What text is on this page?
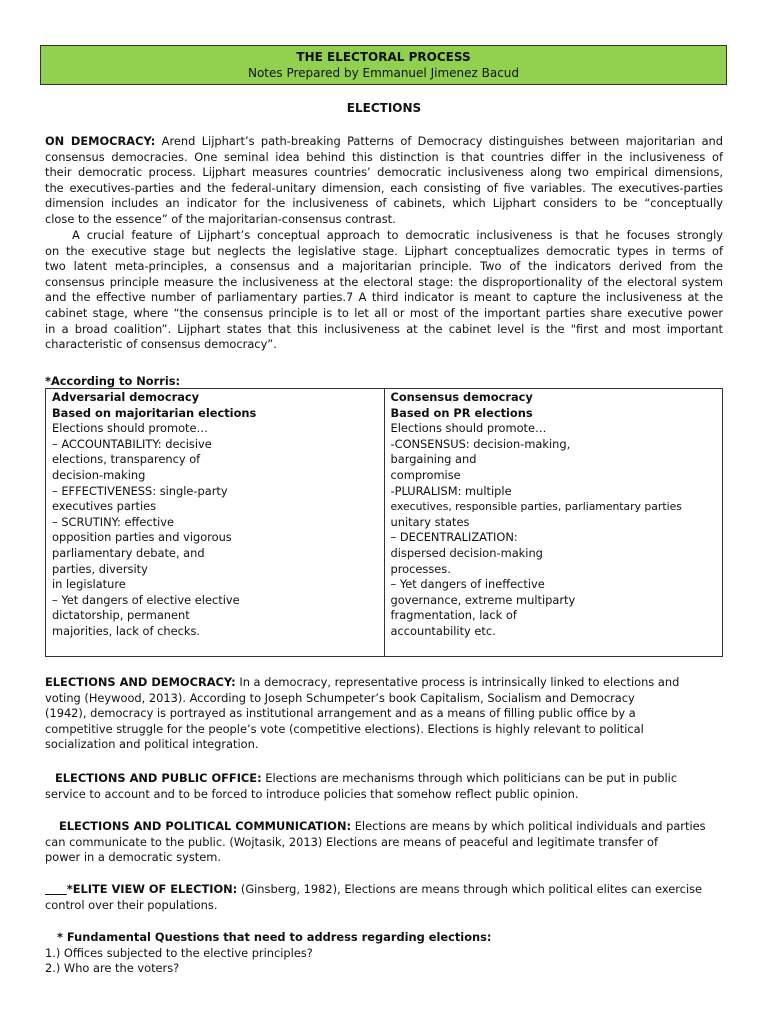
THE ELECTORAL PROCESS
Notes Prepared by Emmanuel Jimenez Bacud
ELECTIONS
ON DEMOCRACY: Arend Lijphart’s path-breaking Patterns of Democracy distinguishes between majoritarian and
consensus democracies. One seminal idea behind this distinction is that countries differ in the inclusiveness of
their democratic process. Lijphart measures countries’ democratic inclusiveness along two empirical dimensions,
the executives-parties and the federal-unitary dimension, each consisting of five variables. The executives-parties
dimension includes an indicator for the inclusiveness of cabinets, which Lijphart considers to be “conceptually
close to the essence” of the majoritarian-consensus contrast.
A crucial feature of Lijphart’s conceptual approach to democratic inclusiveness is that he focuses strongly
on the executive stage but neglects the legislative stage. Lijphart conceptualizes democratic types in terms of
two latent meta-principles, a consensus and a majoritarian principle. Two of the indicators derived from the
consensus principle measure the inclusiveness at the electoral stage: the disproportionality of the electoral system
and the effective number of parliamentary parties.7 A third indicator is meant to capture the inclusiveness at the
cabinet stage, where “the consensus principle is to let all or most of the important parties share executive power
in a broad coalition”. Lijphart states that this inclusiveness at the cabinet level is the "first and most important
characteristic of consensus democracy”.
*According to Norris:
Adversarial democracy
Based on majoritarian elections
Elections should promote…
– ACCOUNTABILITY: decisive
elections, transparency of
decision-making
– EFFECTIVENESS: single-party
executives parties
– SCRUTINY: effective
opposition parties and vigorous
parliamentary debate, and
parties, diversity
in legislature
– Yet dangers of elective elective
dictatorship, permanent
majorities, lack of checks.

Consensus democracy
Based on PR elections
Elections should promote…
-CONSENSUS: decision-making,
bargaining and
compromise
-PLURALISM: multiple
executives, responsible parties, parliamentary parties
unitary states
– DECENTRALIZATION:
dispersed decision-making
processes.
– Yet dangers of ineffective
governance, extreme multiparty
fragmentation, lack of
accountability etc.
ELECTIONS AND DEMOCRACY: In a democracy, representative process is intrinsically linked to elections and
voting (Heywood, 2013). According to Joseph Schumpeter’s book Capitalism, Socialism and Democracy
(1942), democracy is portrayed as institutional arrangement and as a means of filling public office by a
competitive struggle for the people’s vote (competitive elections). Elections is highly relevant to political
socialization and political integration.
ELECTIONS AND PUBLIC OFFICE: Elections are mechanisms through which politicians can be put in public
service to account and to be forced to introduce policies that somehow reflect public opinion.
ELECTIONS AND POLITICAL COMMUNICATION: Elections are means by which political individuals and parties
can communicate to the public. (Wojtasik, 2013) Elections are means of peaceful and legitimate transfer of
power in a democratic system.
*ELITE VIEW OF ELECTION: (Ginsberg, 1982), Elections are means through which political elites can exercise
control over their populations.
* Fundamental Questions that need to address regarding elections:
1.) Offices subjected to the elective principles?
2.) Who are the voters?
